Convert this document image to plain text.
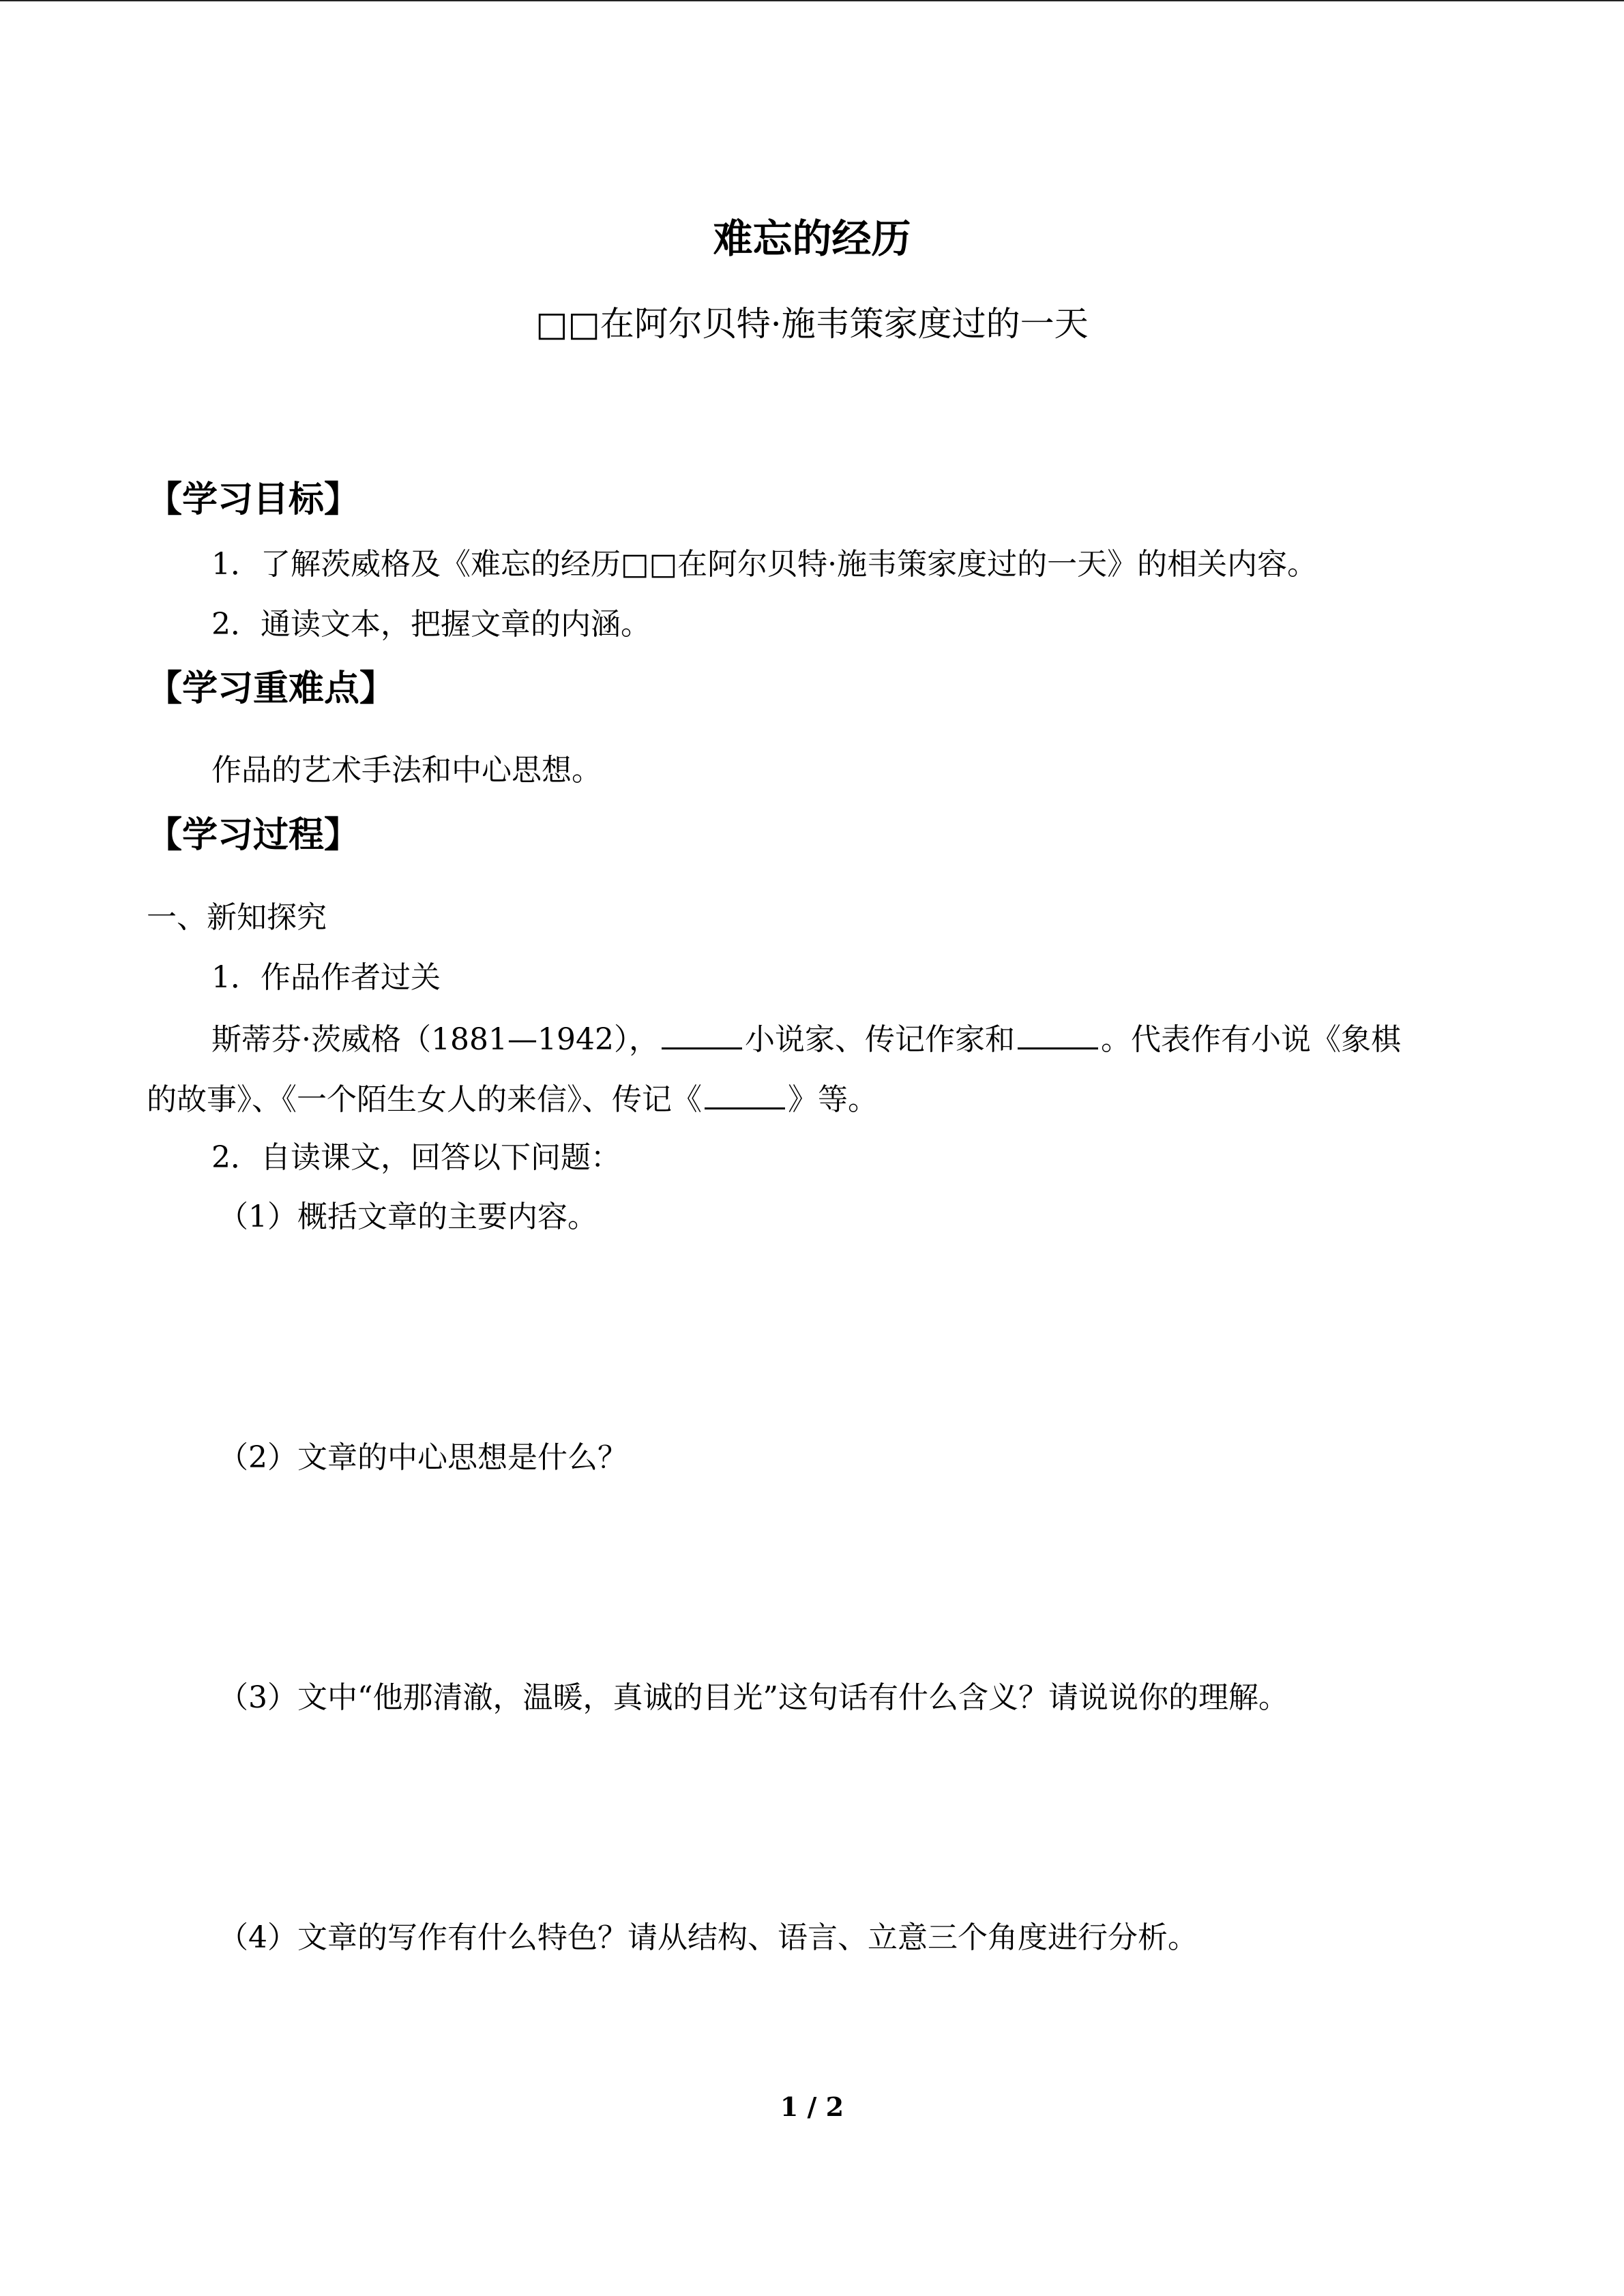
难忘的经历
□□在阿尔贝特·施韦策家度过的一天
【学习目标】
1．了解茨威格及《难忘的经历□□在阿尔贝特·施韦策家度过的一天》的相关内容。
2．通读文本，把握文章的内涵。
【学习重难点】
作品的艺术手法和中心思想。
【学习过程】
一、新知探究
1．作品作者过关
斯蒂芬·茨威格（1881—1942），	小说家、传记作家和	。代表作有小说《象棋
的故事》、《一个陌生女人的来信》、传记《	》等。
2．自读课文，回答以下问题：
（1）概括文章的主要内容。
（2）文章的中心思想是什么？
（3）文中“他那清澈，温暖，真诚的目光”这句话有什么含义？请说说你的理解。
（4）文章的写作有什么特色？请从结构、语言、立意三个角度进行分析。
1 / 2
